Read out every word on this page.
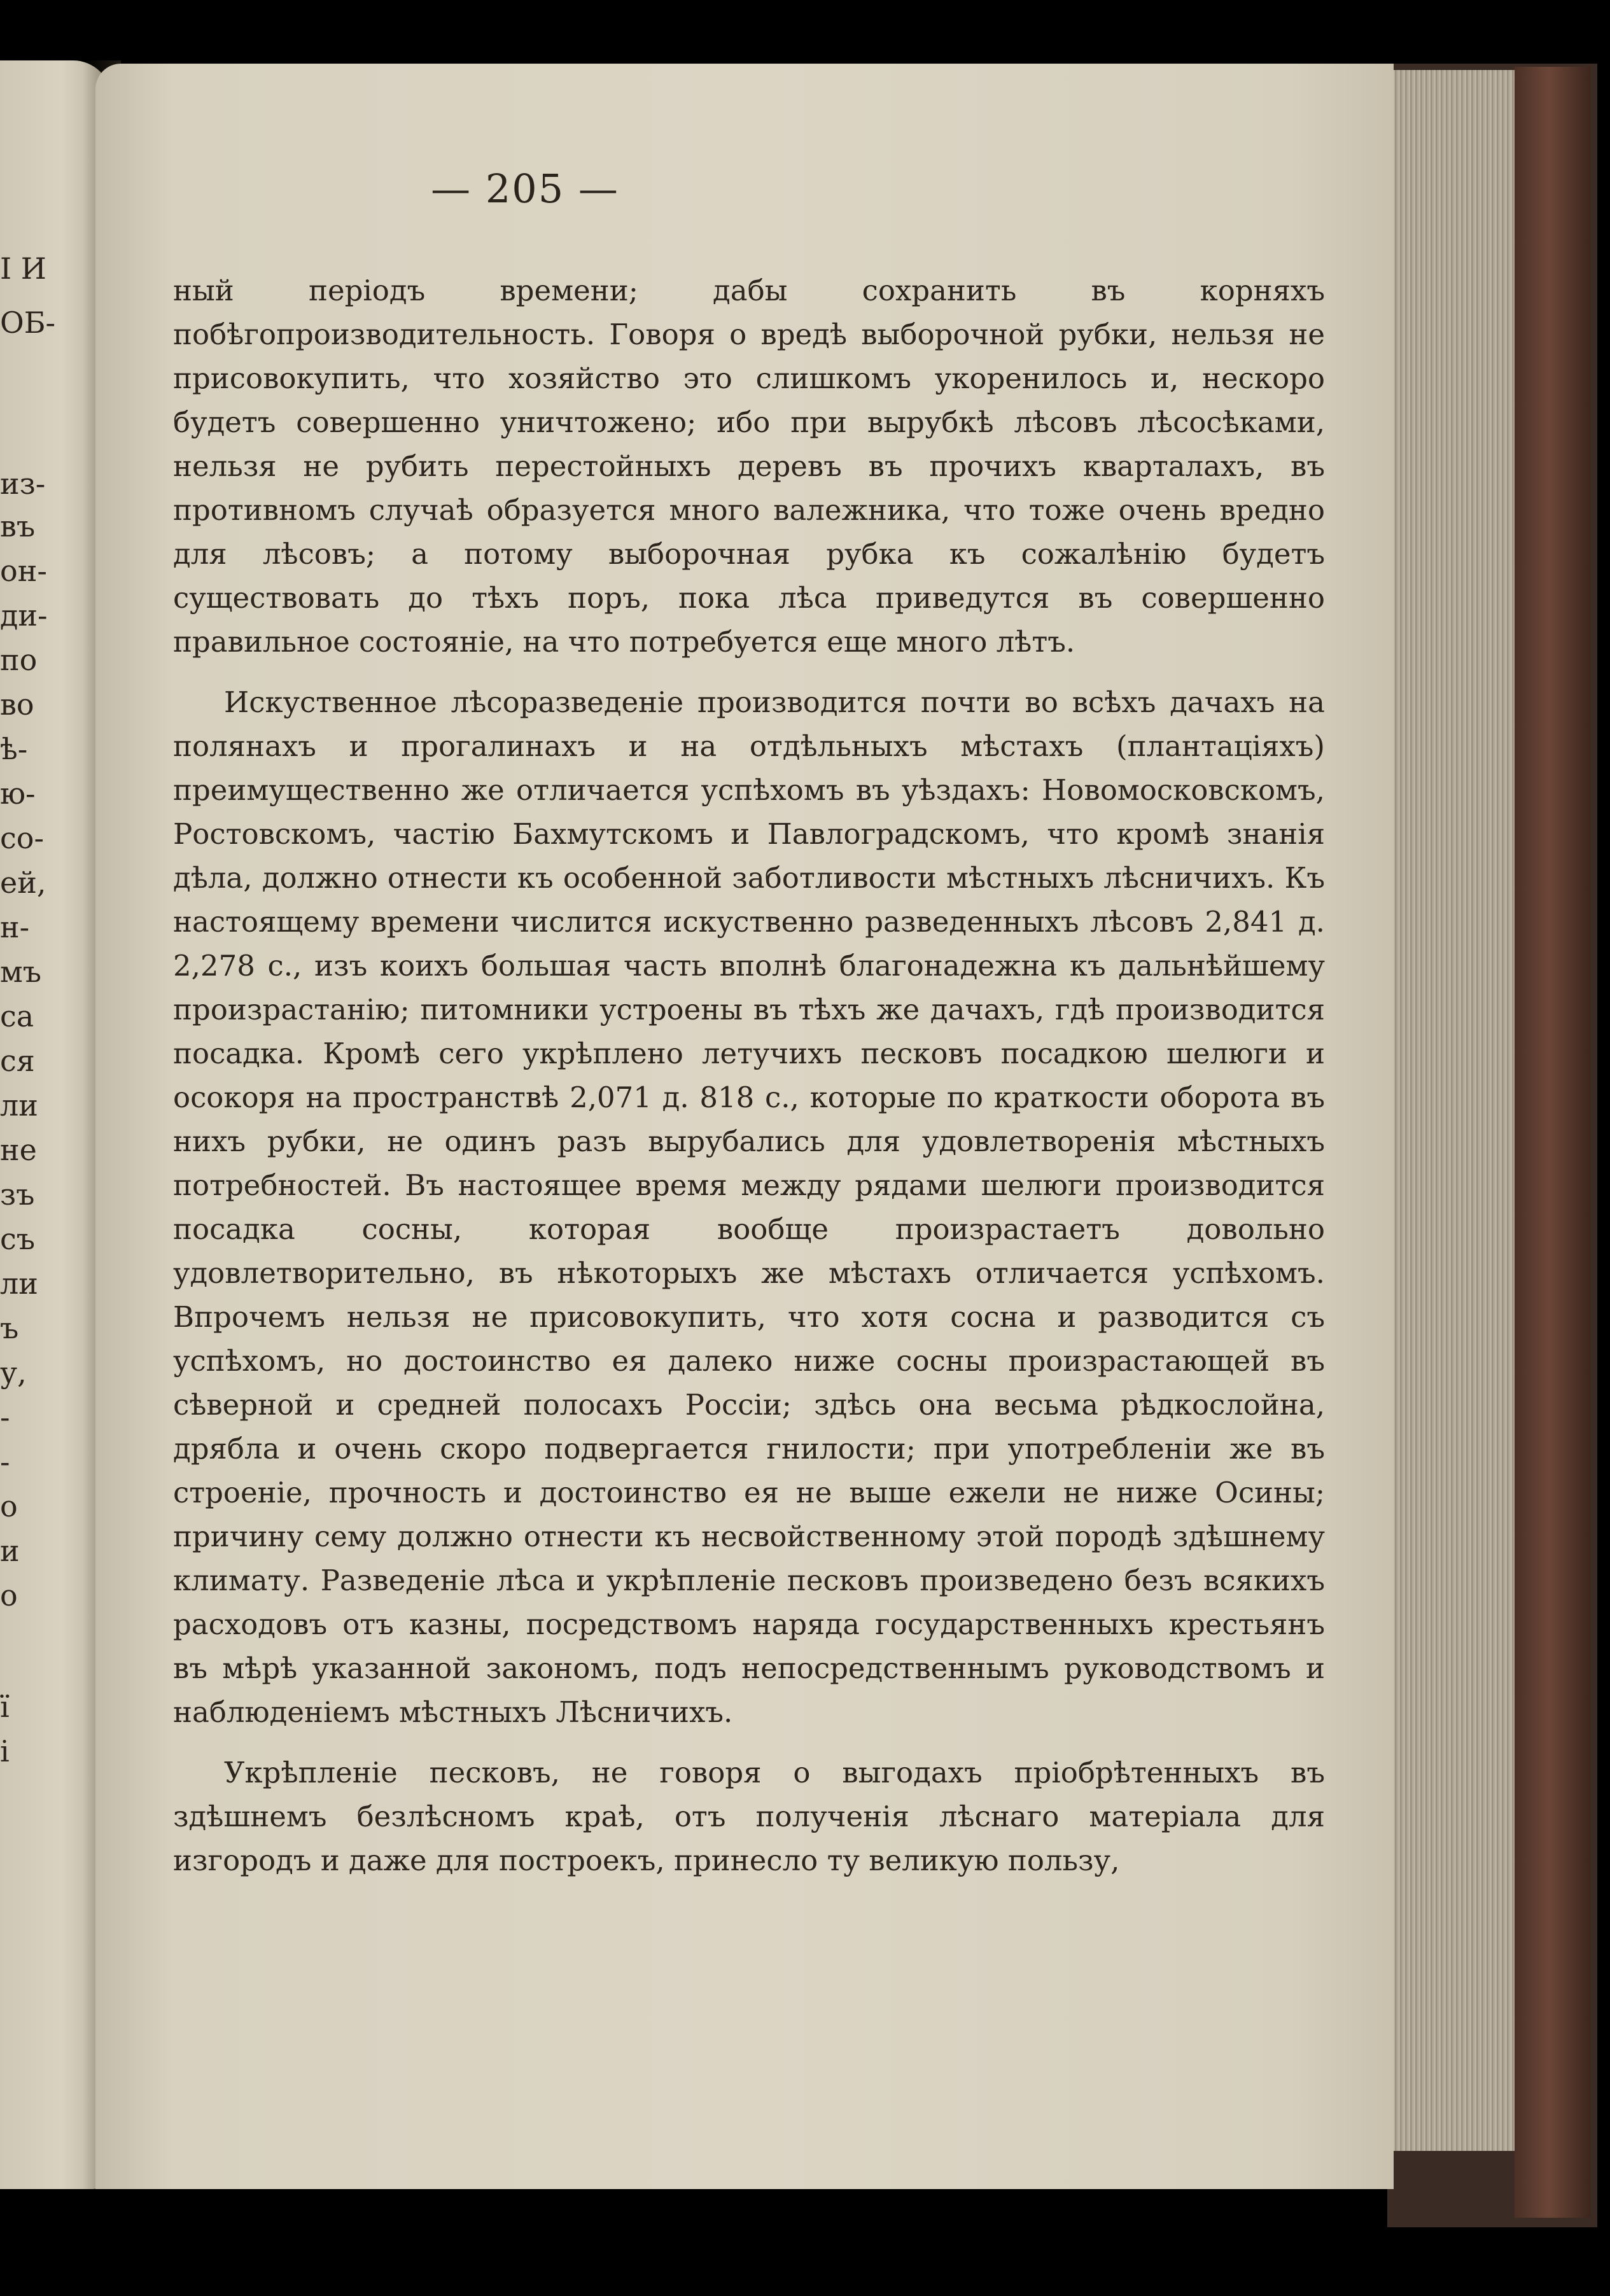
І И
ОБ-
из-
въ
он-
ди-
по
во
ѣ-
ю-
со-
ей,
н-
мъ
са
ся
ли
не
зъ
съ
ли
ъ
у,
-
-
о
и
о
ї
і
— 205 —

ный періодъ времени; дабы сохранить въ корняхъ побѣгопроизводительность. Говоря о вредѣ выборочной рубки, нельзя не присовокупить, что хозяйство это слишкомъ укоренилось и, нескоро будетъ совершенно уничтожено; ибо при вырубкѣ лѣсовъ лѣсосѣками, нельзя не рубить перестойныхъ деревъ въ прочихъ кварталахъ, въ противномъ случаѣ образуется много валежника, что тоже очень вредно для лѣсовъ; а потому выборочная рубка къ сожалѣнію будетъ существовать до тѣхъ поръ, пока лѣса приведутся въ совершенно правильное состояніе, на что потребуется еще много лѣтъ.

Искуственное лѣсоразведеніе производится почти во всѣхъ дачахъ на полянахъ и прогалинахъ и на отдѣльныхъ мѣстахъ (плантаціяхъ) преимущественно же отличается успѣхомъ въ уѣздахъ: Новомосковскомъ, Ростовскомъ, частію Бахмутскомъ и Павлоградскомъ, что кромѣ знанія дѣла, должно отнести къ особенной заботливости мѣстныхъ лѣсничихъ. Къ настоящему времени числится искуственно разведенныхъ лѣсовъ 2,841 д. 2,278 с., изъ коихъ большая часть вполнѣ благонадежна къ дальнѣйшему произрастанію; питомники устроены въ тѣхъ же дачахъ, гдѣ производится посадка. Кромѣ сего укрѣплено летучихъ песковъ посадкою шелюги и осокоря на пространствѣ 2,071 д. 818 с., которые по краткости оборота въ нихъ рубки, не одинъ разъ вырубались для удовлетворенія мѣстныхъ потребностей. Въ настоящее время между рядами шелюги производится посадка сосны, которая вообще произрастаетъ довольно удовлетворительно, въ нѣкоторыхъ же мѣстахъ отличается успѣхомъ. Впрочемъ нельзя не присовокупить, что хотя сосна и разводится съ успѣхомъ, но достоинство ея далеко ниже сосны произрастающей въ сѣверной и средней полосахъ Россіи; здѣсь она весьма рѣдкослойна, дрябла и очень скоро подвергается гнилости; при употребленіи же въ строеніе, прочность и достоинство ея не выше ежели не ниже Осины; причину сему должно отнести къ несвойственному этой породѣ здѣшнему климату. Разведеніе лѣса и укрѣпленіе песковъ произведено безъ всякихъ расходовъ отъ казны, посредствомъ наряда государственныхъ крестьянъ въ мѣрѣ указанной закономъ, подъ непосредственнымъ руководствомъ и наблюденіемъ мѣстныхъ Лѣсничихъ.

Укрѣпленіе песковъ, не говоря о выгодахъ пріобрѣтенныхъ въ здѣшнемъ безлѣсномъ краѣ, отъ полученія лѣснаго матеріала для изгородъ и даже для построекъ, принесло ту великую пользу,
